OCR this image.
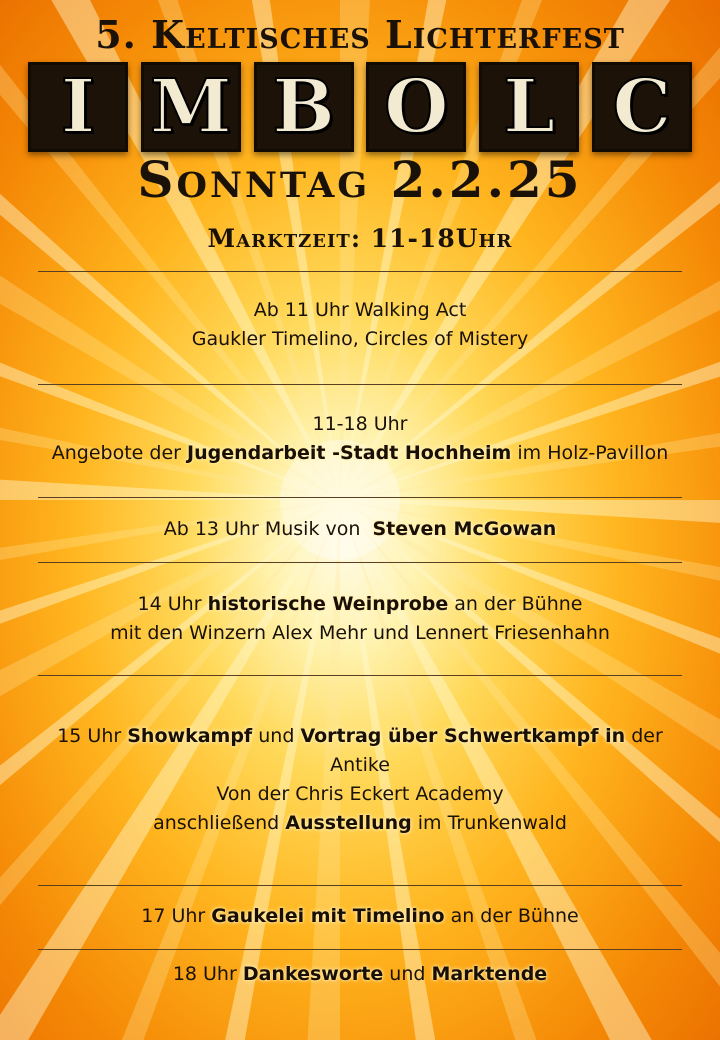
5. Keltisches Lichterfest
I M B O L C
Sonntag 2.2.25
Marktzeit: 11-18Uhr
Ab 11 Uhr Walking Act
Gaukler Timelino, Circles of Mistery
11-18 Uhr
Angebote der Jugendarbeit -Stadt Hochheim im Holz-Pavillon
Ab 13 Uhr Musik von  Steven McGowan
14 Uhr historische Weinprobe an der Bühne
mit den Winzern Alex Mehr und Lennert Friesenhahn
15 Uhr Showkampf und Vortrag über Schwertkampf in der
Antike
Von der Chris Eckert Academy
anschließend Ausstellung im Trunkenwald
17 Uhr Gaukelei mit Timelino an der Bühne
18 Uhr Dankesworte und Marktende
